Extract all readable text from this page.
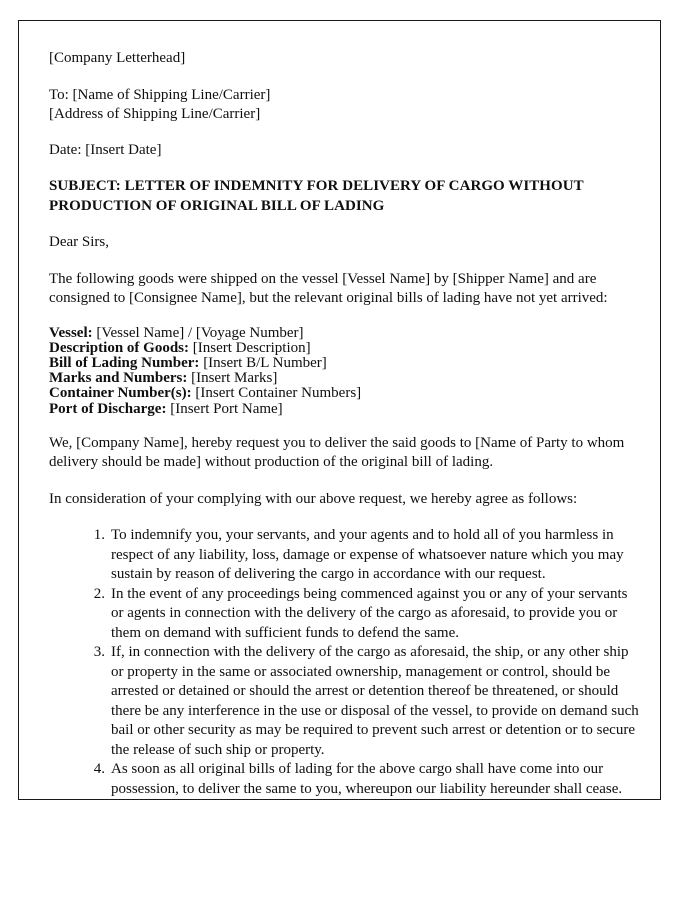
[Company Letterhead]
To: [Name of Shipping Line/Carrier]
[Address of Shipping Line/Carrier]
Date: [Insert Date]
SUBJECT: LETTER OF INDEMNITY FOR DELIVERY OF CARGO WITHOUT PRODUCTION OF ORIGINAL BILL OF LADING
Dear Sirs,
The following goods were shipped on the vessel [Vessel Name] by [Shipper Name] and are consigned to [Consignee Name], but the relevant original bills of lading have not yet arrived:
Vessel: [Vessel Name] / [Voyage Number]
Description of Goods: [Insert Description]
Bill of Lading Number: [Insert B/L Number]
Marks and Numbers: [Insert Marks]
Container Number(s): [Insert Container Numbers]
Port of Discharge: [Insert Port Name]
We, [Company Name], hereby request you to deliver the said goods to [Name of Party to whom delivery should be made] without production of the original bill of lading.
In consideration of your complying with our above request, we hereby agree as follows:
To indemnify you, your servants, and your agents and to hold all of you harmless in respect of any liability, loss, damage or expense of whatsoever nature which you may sustain by reason of delivering the cargo in accordance with our request.
In the event of any proceedings being commenced against you or any of your servants or agents in connection with the delivery of the cargo as aforesaid, to provide you or them on demand with sufficient funds to defend the same.
If, in connection with the delivery of the cargo as aforesaid, the ship, or any other ship or property in the same or associated ownership, management or control, should be arrested or detained or should the arrest or detention thereof be threatened, or should there be any interference in the use or disposal of the vessel, to provide on demand such bail or other security as may be required to prevent such arrest or detention or to secure the release of such ship or property.
As soon as all original bills of lading for the above cargo shall have come into our possession, to deliver the same to you, whereupon our liability hereunder shall cease.
